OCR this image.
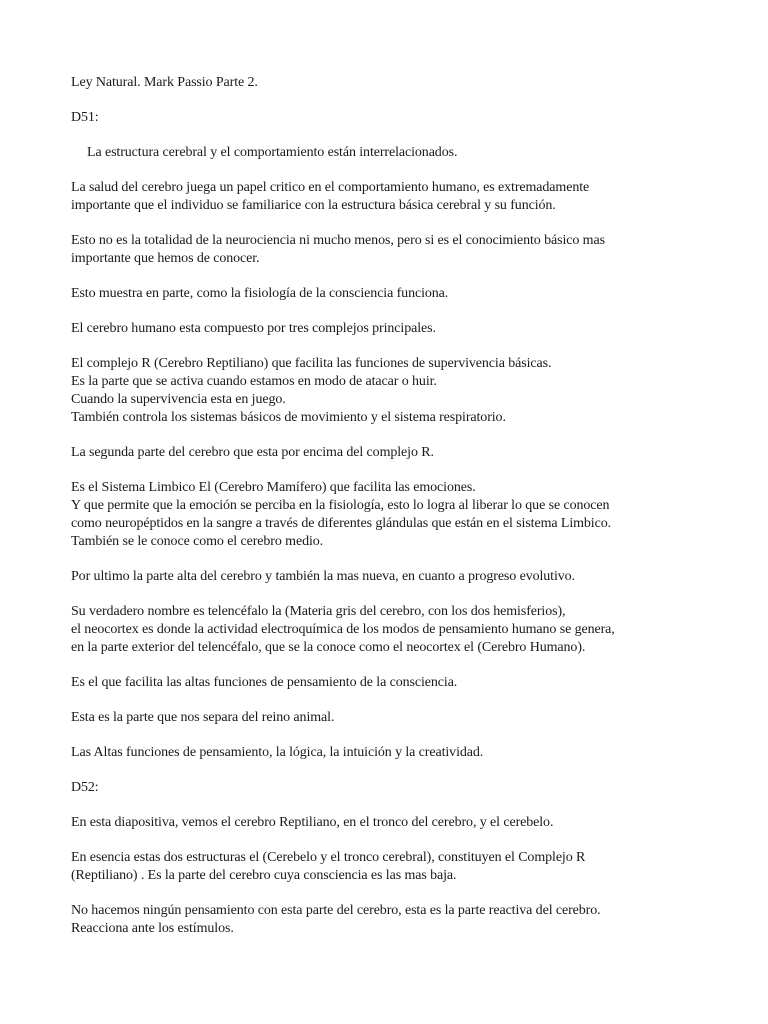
Ley Natural. Mark Passio Parte 2.
D51:
La estructura cerebral y el comportamiento están interrelacionados.
La salud del cerebro juega un papel critico en el comportamiento humano, es extremadamente
importante que el individuo se familiarice con la estructura básica cerebral y su función.
Esto no es la totalidad de la neurociencia ni mucho menos, pero si es el conocimiento básico mas
importante que hemos de conocer.
Esto muestra en parte, como la fisiología de la consciencia funciona.
El cerebro humano esta compuesto por tres complejos principales.
El complejo R (Cerebro Reptiliano) que facilita las funciones de supervivencia básicas.
Es la parte que se activa cuando estamos en modo de atacar o huir.
Cuando la supervivencia esta en juego.
También controla los sistemas básicos de movimiento y el sistema respiratorio.
La segunda parte del cerebro que esta por encima del complejo R.
Es el Sistema Limbico El (Cerebro Mamífero) que facilita las emociones.
Y que permite que la emoción se perciba en la fisiología, esto lo logra al liberar lo que se conocen
como neuropéptidos en la sangre a través de diferentes glándulas que están en el sistema Limbico.
También se le conoce como el cerebro medio.
Por ultimo la parte alta del cerebro y también la mas nueva, en cuanto a progreso evolutivo.
Su verdadero nombre es telencéfalo la (Materia gris del cerebro, con los dos hemisferios),
el neocortex es donde la actividad electroquímica de los modos de pensamiento humano se genera,
en la parte exterior del telencéfalo, que se la conoce como el neocortex el (Cerebro Humano).
Es el que facilita las altas funciones de pensamiento de la consciencia.
Esta es la parte que nos separa del reino animal.
Las Altas funciones de pensamiento, la lógica, la intuición y la creatividad.
D52:
En esta diapositiva, vemos el cerebro Reptiliano, en el tronco del cerebro, y el cerebelo.
En esencia estas dos estructuras el (Cerebelo y el tronco cerebral), constituyen el Complejo R
(Reptiliano) . Es la parte del cerebro cuya consciencia es las mas baja.
No hacemos ningún pensamiento con esta parte del cerebro, esta es la parte reactiva del cerebro.
Reacciona ante los estímulos.
